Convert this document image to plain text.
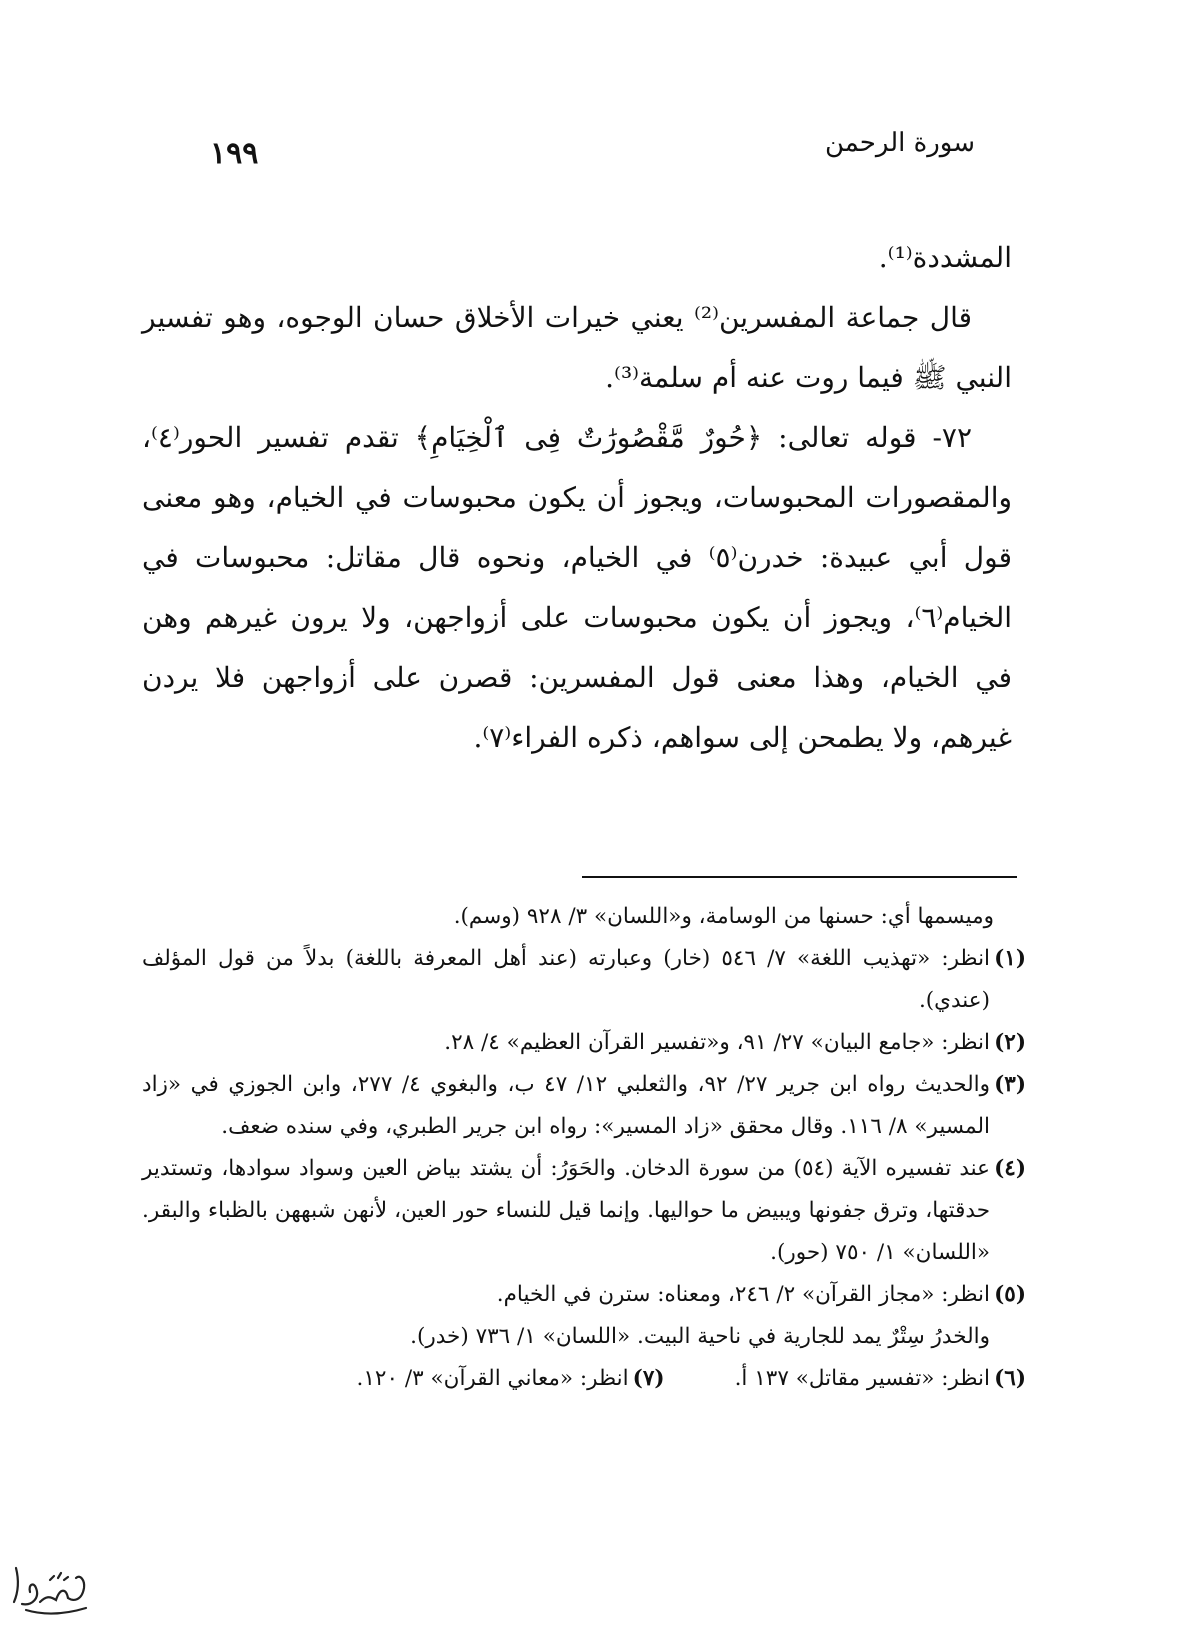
سورة الرحمن
١٩٩

المشددة⁽¹⁾.

قال جماعة المفسرين⁽²⁾ يعني خيرات الأخلاق حسان الوجوه، وهو تفسير النبي ﷺ فيما روت عنه أم سلمة⁽³⁾.

٧٢- قوله تعالى: ﴿حُورٌ مَّقْصُورَٰتٌ فِى ٱلْخِيَامِ﴾ تقدم تفسير الحور⁽٤⁾، والمقصورات المحبوسات، ويجوز أن يكون محبوسات في الخيام، وهو معنى قول أبي عبيدة: خدرن⁽٥⁾ في الخيام، ونحوه قال مقاتل: محبوسات في الخيام⁽٦⁾، ويجوز أن يكون محبوسات على أزواجهن، ولا يرون غيرهم وهن في الخيام، وهذا معنى قول المفسرين: قصرن على أزواجهن فلا يردن غيرهم، ولا يطمحن إلى سواهم، ذكره الفراء⁽٧⁾.

وميسمها أي: حسنها من الوسامة، و«اللسان» ٣/ ٩٢٨ (وسم).
(١)
انظر: «تهذيب اللغة» ٧/ ٥٤٦ (خار) وعبارته (عند أهل المعرفة باللغة) بدلاً من قول المؤلف (عندي).
(٢)
انظر: «جامع البيان» ٢٧/ ٩١، و«تفسير القرآن العظيم» ٤/ ٢٨.
(٣)
والحديث رواه ابن جرير ٢٧/ ٩٢، والثعلبي ١٢/ ٤٧ ب، والبغوي ٤/ ٢٧٧، وابن الجوزي في «زاد المسير» ٨/ ١١٦. وقال محقق «زاد المسير»: رواه ابن جرير الطبري، وفي سنده ضعف.
(٤)
عند تفسيره الآية (٥٤) من سورة الدخان. والحَوَرُ: أن يشتد بياض العين وسواد سوادها، وتستدير حدقتها، وترق جفونها ويبيض ما حواليها. وإنما قيل للنساء حور العين، لأنهن شبههن بالظباء والبقر. «اللسان» ١/ ٧٥٠ (حور).
(٥)
انظر: «مجاز القرآن» ٢/ ٢٤٦، ومعناه: سترن في الخيام.
والخدرُ سِتْرٌ يمد للجارية في ناحية البيت. «اللسان» ١/ ٧٣٦ (خدر).
(٦)
انظر: «تفسير مقاتل» ١٣٧ أ.
(٧)
انظر: «معاني القرآن» ٣/ ١٢٠.
